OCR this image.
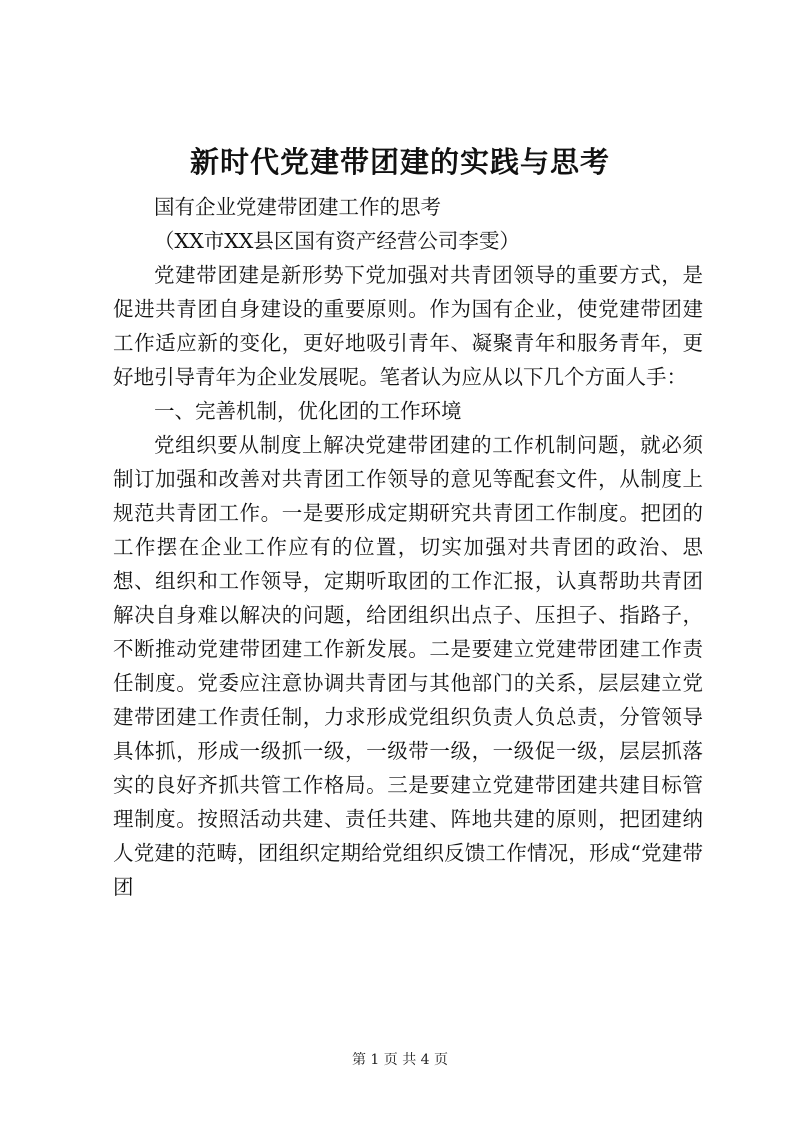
新时代党建带团建的实践与思考

国有企业党建带团建工作的思考

（XX市XX县区国有资产经营公司李雯）

党建带团建是新形势下党加强对共青团领导的重要方式，是促进共青团自身建设的重要原则。作为国有企业，使党建带团建工作适应新的变化，更好地吸引青年、凝聚青年和服务青年，更好地引导青年为企业发展呢。笔者认为应从以下几个方面人手：

一、完善机制，优化团的工作环境

党组织要从制度上解决党建带团建的工作机制问题，就必须制订加强和改善对共青团工作领导的意见等配套文件，从制度上规范共青团工作。一是要形成定期研究共青团工作制度。把团的工作摆在企业工作应有的位置，切实加强对共青团的政治、思想、组织和工作领导，定期听取团的工作汇报，认真帮助共青团解决自身难以解决的问题，给团组织出点子、压担子、指路子，不断推动党建带团建工作新发展。二是要建立党建带团建工作责任制度。党委应注意协调共青团与其他部门的关系，层层建立党建带团建工作责任制，力求形成党组织负责人负总责，分管领导具体抓，形成一级抓一级，一级带一级，一级促一级，层层抓落实的良好齐抓共管工作格局。三是要建立党建带团建共建目标管理制度。按照活动共建、责任共建、阵地共建的原则，把团建纳人党建的范畴，团组织定期给党组织反馈工作情况，形成“党建带团

第 1 页 共 4 页
